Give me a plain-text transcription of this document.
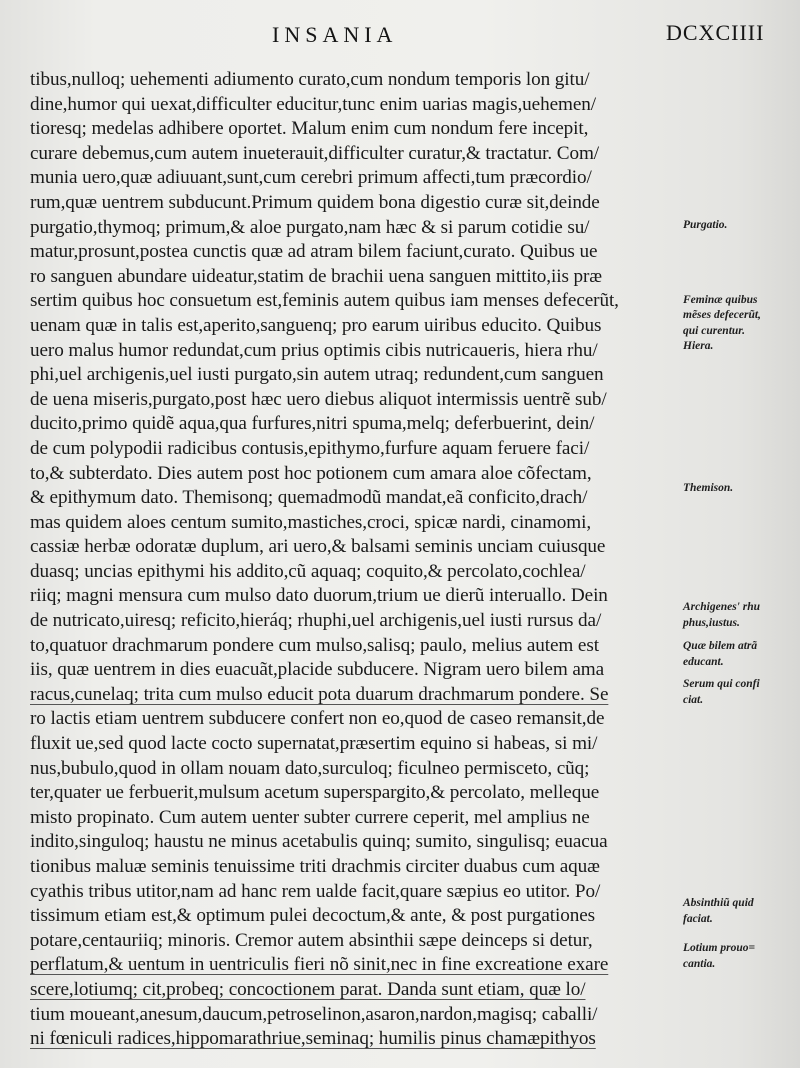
INSANIA	DCXCIIII
tibus,nulloq; uehementi adiumento curato,cum nondum temporis lon gitu/
dine,humor qui uexat,difficulter educitur,tunc enim uarias magis,uehemen/
tioresq; medelas adhibere oportet. Malum enim cum nondum fere incepit,
curare debemus,cum autem inueterauit,difficulter curatur,& tractatur. Com/
munia uero,quæ adiuuant,sunt,cum cerebri primum affecti,tum præcordio/
rum,quæ uentrem subducunt.Primum quidem bona digestio curæ sit,deinde
purgatio,thymoq; primum,& aloe purgato,nam hæc & si parum cotidie su/
matur,prosunt,postea cunctis quæ ad atram bilem faciunt,curato. Quibus ue
ro sanguen abundare uideatur,statim de brachii uena sanguen mittito,iis præ
sertim quibus hoc consuetum est,feminis autem quibus iam menses defecerũt,
uenam quæ in talis est,aperito,sanguenq; pro earum uiribus educito. Quibus
uero malus humor redundat,cum prius optimis cibis nutricaueris, hiera rhu/
phi,uel archigenis,uel iusti purgato,sin autem utraq; redundent,cum sanguen
de uena miseris,purgato,post hæc uero diebus aliquot intermissis uentrẽ sub/
ducito,primo quidẽ aqua,qua furfures,nitri spuma,melq; deferbuerint, dein/
de cum polypodii radicibus contusis,epithymo,furfure aquam feruere faci/
to,& subterdato. Dies autem post hoc potionem cum amara aloe cõfectam,
& epithymum dato. Themisonq; quemadmodũ mandat,eã conficito,drach/
mas quidem aloes centum sumito,mastiches,croci, spicæ nardi, cinamomi,
cassiæ herbæ odoratæ duplum, ari uero,& balsami seminis unciam cuiusque
duasq; uncias epithymi his addito,cũ aquaq; coquito,& percolato,cochlea/
riiq; magni mensura cum mulso dato duorum,trium ue dierũ interuallo. Dein
de nutricato,uiresq; reficito,hieráq; rhuphi,uel archigenis,uel iusti rursus da/
to,quatuor drachmarum pondere cum mulso,salisq; paulo, melius autem est
iis, quæ uentrem in dies euacuãt,placide subducere. Nigram uero bilem ama
racus,cunelaq; trita cum mulso educit pota duarum drachmarum pondere. Se
ro lactis etiam uentrem subducere confert non eo,quod de caseo remansit,de
fluxit ue,sed quod lacte cocto supernatat,præsertim equino si habeas, si mi/
nus,bubulo,quod in ollam nouam dato,surculoq; ficulneo permisceto, cũq;
ter,quater ue ferbuerit,mulsum acetum superspargito,& percolato, melleque
misto propinato. Cum autem uenter subter currere ceperit, mel amplius ne
indito,singuloq; haustu ne minus acetabulis quinq; sumito, singulisq; euacua
tionibus maluæ seminis tenuissime triti drachmis circiter duabus cum aquæ
cyathis tribus utitor,nam ad hanc rem ualde facit,quare sæpius eo utitor. Po/
tissimum etiam est,& optimum pulei decoctum,& ante, & post purgationes
potare,centauriiq; minoris. Cremor autem absinthii sæpe deinceps si detur,
perflatum,& uentum in uentriculis fieri nõ sinit,nec in fine excreatione exare
scere,lotiumq; cit,probeq; concoctionem parat. Danda sunt etiam, quæ lo/
tium moueant,anesum,daucum,petroselinon,asaron,nardon,magisq; caballi/
ni fœniculi radices,hippomarathriue,seminaq; humilis pinus chamæpithyos
Purgatio.
Feminæ quibus
mẽses defecerũt,
qui curentur.
Hiera.
Themison.
Archigenes' rhu
phus,iustus.
Quæ bilem atrã
educant.
Serum qui confi
ciat.
Absinthiũ quid
faciat.
Lotium prouo=
cantia.
